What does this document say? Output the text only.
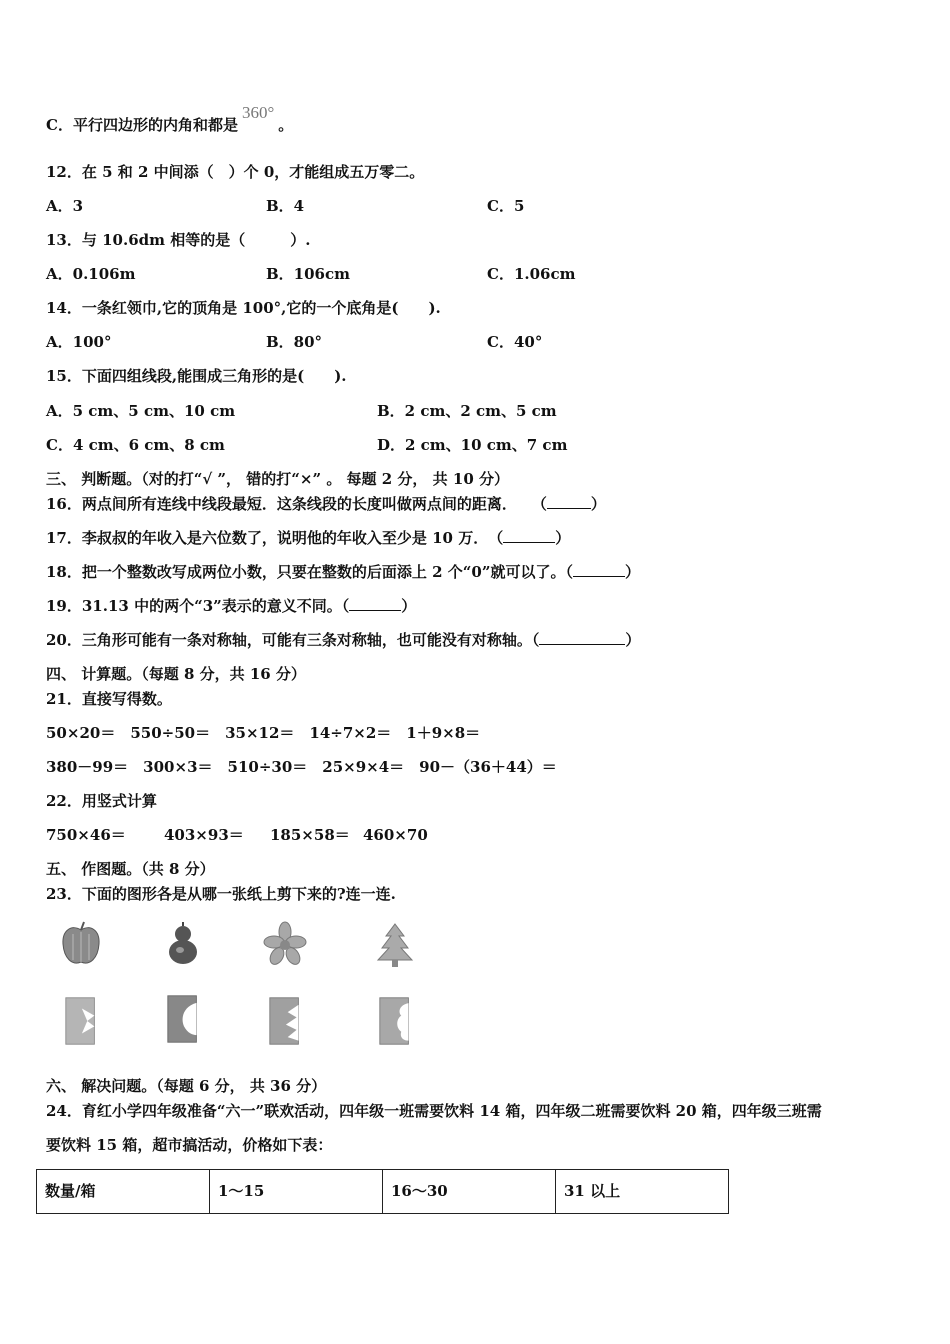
C．平行四边形的内角和都是360°。
12．在 5 和 2 中间添（　）个 0，才能组成五万零二。
A．3	B．4	C．5
13．与 10.6dm 相等的是（　　　）.
A．0.106m	B．106cm	C．1.06cm
14．一条红领巾,它的顶角是 100°,它的一个底角是(　　).
A．100°	B．80°	C．40°
15．下面四组线段,能围成三角形的是(　　).
A．5 cm、5 cm、10 cm	B．2 cm、2 cm、5 cm
C．4 cm、6 cm、8 cm	D．2 cm、10 cm、7 cm
三、 判断题。（对的打“√ ”， 错的打“×” 。 每题 2 分， 共 10 分）
16．两点间所有连线中线段最短．这条线段的长度叫做两点间的距离．　　（	）
17．李叔叔的年收入是六位数了，说明他的年收入至少是 10 万．　（	）
18．把一个整数改写成两位小数，只要在整数的后面添上 2 个“0”就可以了。（	）
19．31.13 中的两个“3”表示的意义不同。（	）
20．三角形可能有一条对称轴，可能有三条对称轴，也可能没有对称轴。（	）
四、 计算题。（每题 8 分，共 16 分）
21．直接写得数。
50×20＝　550÷50＝　35×12＝　14÷7×2＝　1＋9×8＝
380－99＝　300×3＝　510÷30＝　25×9×4＝　90－（36＋44）＝
22．用竖式计算
750×46＝	403×93＝ 185×58＝ 460×70
五、 作图题。（共 8 分）
23．下面的图形各是从哪一张纸上剪下来的?连一连.
六、 解决问题。（每题 6 分， 共 36 分）
24．育红小学四年级准备“六一”联欢活动，四年级一班需要饮料 14 箱，四年级二班需要饮料 20 箱，四年级三班需
要饮料 15 箱，超市搞活动，价格如下表：
数量/箱	1～15	16～30	31 以上
